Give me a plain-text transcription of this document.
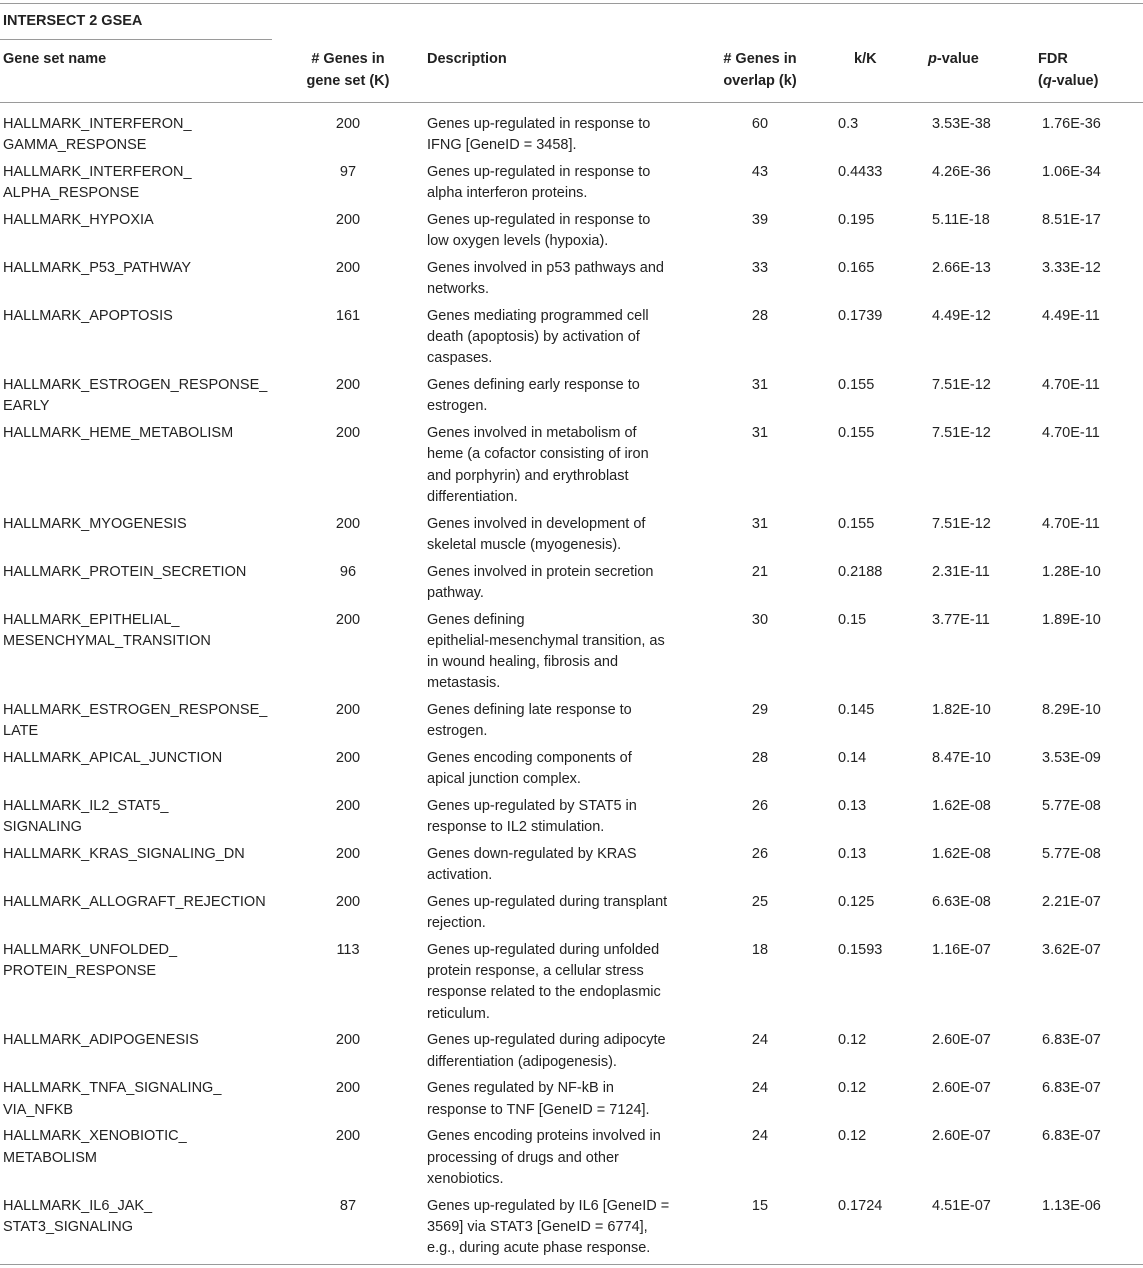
INTERSECT 2 GSEA
Gene set name	# Genes in
gene set (K)
Description	# Genes in
overlap (k)
k/K	p-value	FDR
(q-value)
HALLMARK_INTERFERON_
GAMMA_RESPONSE	200	Genes up-regulated in response to
IFNG [GeneID = 3458].	60	0.3	3.53E-38	1.76E-36

HALLMARK_INTERFERON_
ALPHA_RESPONSE	97	Genes up-regulated in response to
alpha interferon proteins.	43	0.4433	4.26E-36	1.06E-34

HALLMARK_HYPOXIA	200	Genes up-regulated in response to
low oxygen levels (hypoxia).	39	0.195	5.11E-18	8.51E-17

HALLMARK_P53_PATHWAY	200	Genes involved in p53 pathways and
networks.	33	0.165	2.66E-13	3.33E-12

HALLMARK_APOPTOSIS	161	Genes mediating programmed cell
death (apoptosis) by activation of
caspases.	28	0.1739	4.49E-12	4.49E-11

HALLMARK_ESTROGEN_RESPONSE_
EARLY	200	Genes defining early response to
estrogen.	31	0.155	7.51E-12	4.70E-11

HALLMARK_HEME_METABOLISM	200	Genes involved in metabolism of
heme (a cofactor consisting of iron
and porphyrin) and erythroblast
differentiation.	31	0.155	7.51E-12	4.70E-11

HALLMARK_MYOGENESIS	200	Genes involved in development of
skeletal muscle (myogenesis).	31	0.155	7.51E-12	4.70E-11

HALLMARK_PROTEIN_SECRETION	96	Genes involved in protein secretion
pathway.	21	0.2188	2.31E-11	1.28E-10

HALLMARK_EPITHELIAL_
MESENCHYMAL_TRANSITION	200	Genes defining
epithelial-mesenchymal transition, as
in wound healing, fibrosis and
metastasis.	30	0.15	3.77E-11	1.89E-10

HALLMARK_ESTROGEN_RESPONSE_
LATE	200	Genes defining late response to
estrogen.	29	0.145	1.82E-10	8.29E-10

HALLMARK_APICAL_JUNCTION	200	Genes encoding components of
apical junction complex.	28	0.14	8.47E-10	3.53E-09

HALLMARK_IL2_STAT5_
SIGNALING	200	Genes up-regulated by STAT5 in
response to IL2 stimulation.	26	0.13	1.62E-08	5.77E-08

HALLMARK_KRAS_SIGNALING_DN	200	Genes down-regulated by KRAS
activation.	26	0.13	1.62E-08	5.77E-08

HALLMARK_ALLOGRAFT_REJECTION	200	Genes up-regulated during transplant
rejection.	25	0.125	6.63E-08	2.21E-07

HALLMARK_UNFOLDED_
PROTEIN_RESPONSE	113	Genes up-regulated during unfolded
protein response, a cellular stress
response related to the endoplasmic
reticulum.	18	0.1593	1.16E-07	3.62E-07

HALLMARK_ADIPOGENESIS	200	Genes up-regulated during adipocyte
differentiation (adipogenesis).	24	0.12	2.60E-07	6.83E-07

HALLMARK_TNFA_SIGNALING_
VIA_NFKB	200	Genes regulated by NF-kB in
response to TNF [GeneID = 7124].	24	0.12	2.60E-07	6.83E-07

HALLMARK_XENOBIOTIC_
METABOLISM	200	Genes encoding proteins involved in
processing of drugs and other
xenobiotics.	24	0.12	2.60E-07	6.83E-07

HALLMARK_IL6_JAK_
STAT3_SIGNALING	87	Genes up-regulated by IL6 [GeneID =
3569] via STAT3 [GeneID = 6774],
e.g., during acute phase response.	15	0.1724	4.51E-07	1.13E-06
